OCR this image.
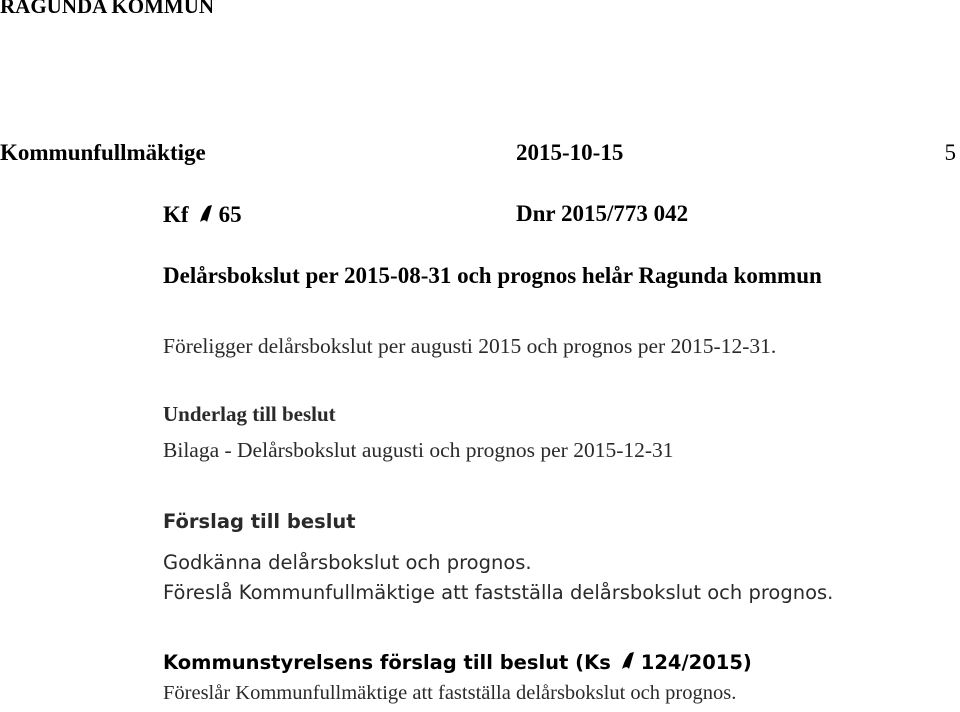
RAGUNDA KOMMUN
Kommunfullmäktige	2015-10-15	5
Kf 65	Dnr 2015/773 042
Delårsbokslut per 2015-08-31 och prognos helår Ragunda kommun
Föreligger delårsbokslut per augusti 2015 och prognos per 2015-12-31.
Underlag till beslut
Bilaga - Delårsbokslut augusti och prognos per 2015-12-31
Förslag till beslut
Godkänna delårsbokslut och prognos.
Föreslå Kommunfullmäktige att fastställa delårsbokslut och prognos.
Kommunstyrelsens förslag till beslut (Ks 124/2015)
Föreslår Kommunfullmäktige att fastställa delårsbokslut och prognos.
